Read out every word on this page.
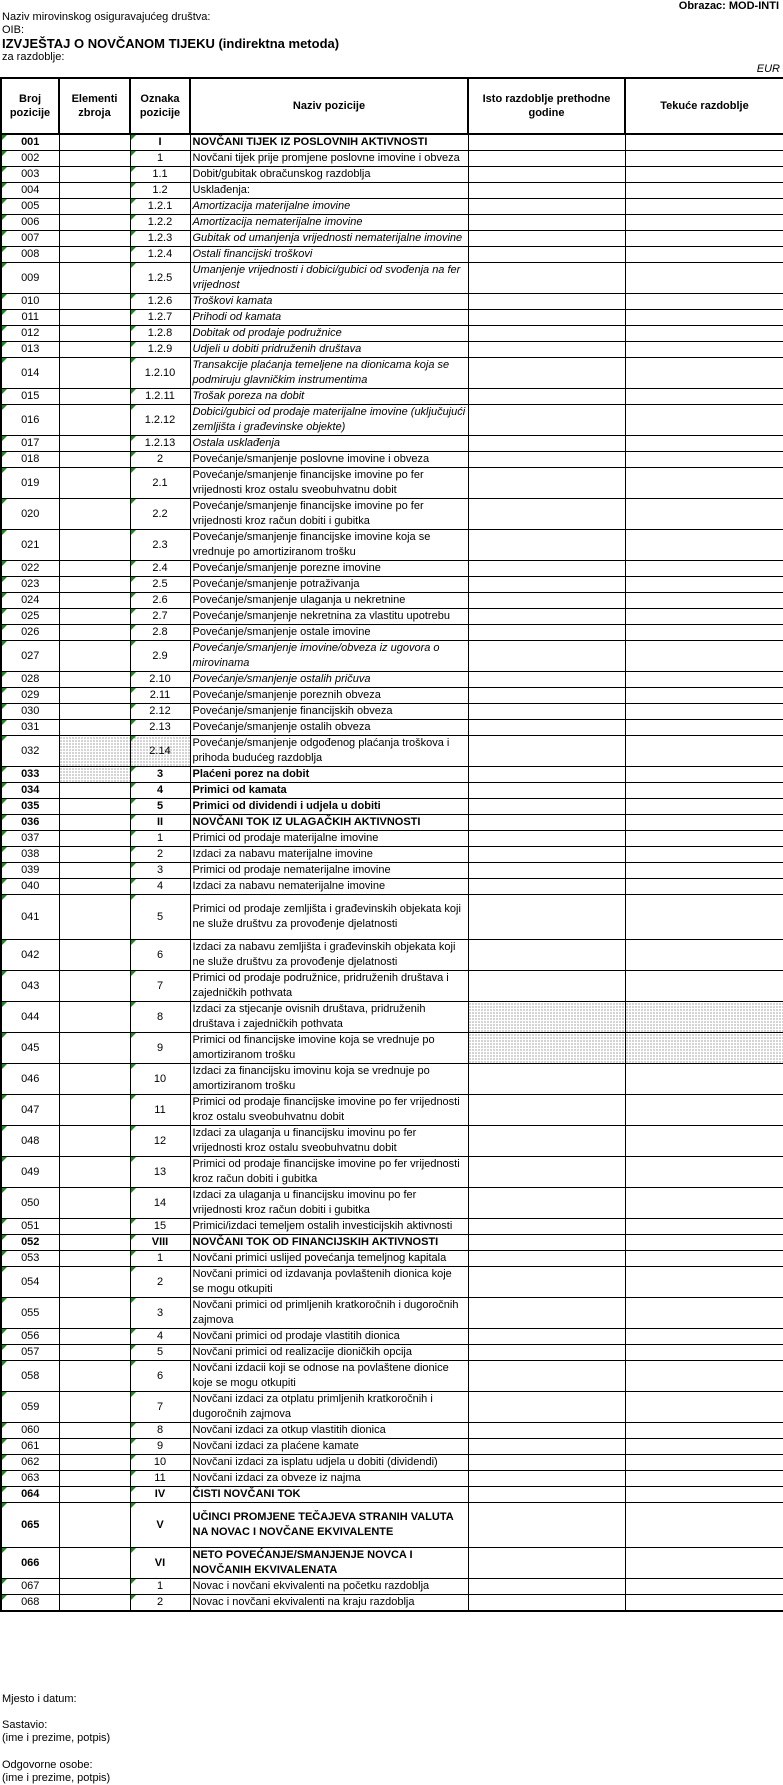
Obrazac: MOD-INTI
Naziv mirovinskog osiguravajućeg društva:
OIB:
IZVJEŠTAJ O NOVČANOM TIJEKU (indirektna metoda)
za razdoblje:
EUR
Broj pozicije	Elementi zbroja	Oznaka pozicije	Naziv pozicije	Isto razdoblje prethodne godine	Tekuće razdoblje
001		I	NOVČANI TIJEK IZ POSLOVNIH AKTIVNOSTI		
002		1	Novčani tijek prije promjene poslovne imovine i obveza		
003		1.1	Dobit/gubitak obračunskog razdoblja		
004		1.2	Usklađenja:		
005		1.2.1	Amortizacija materijalne imovine		
006		1.2.2	Amortizacija nematerijalne imovine		
007		1.2.3	Gubitak od umanjenja vrijednosti nematerijalne imovine		
008		1.2.4	Ostali financijski troškovi		
009		1.2.5	Umanjenje vrijednosti i dobici/gubici od svođenja na fer vrijednost		
010		1.2.6	Troškovi kamata		
011		1.2.7	Prihodi od kamata		
012		1.2.8	Dobitak od prodaje podružnice		
013		1.2.9	Udjeli u dobiti pridruženih društava		
014		1.2.10	Transakcije plaćanja temeljene na dionicama koja se podmiruju glavničkim instrumentima		
015		1.2.11	Trošak poreza na dobit		
016		1.2.12	Dobici/gubici od prodaje materijalne imovine (uključujući zemljišta i građevinske objekte)		
017		1.2.13	Ostala usklađenja		
018		2	Povećanje/smanjenje poslovne imovine i obveza		
019		2.1	Povećanje/smanjenje financijske imovine po fer vrijednosti kroz ostalu sveobuhvatnu dobit		
020		2.2	Povećanje/smanjenje financijske imovine po fer vrijednosti kroz račun dobiti i gubitka		
021		2.3	Povećanje/smanjenje financijske imovine koja se vrednuje po amortiziranom trošku		
022		2.4	Povećanje/smanjenje porezne imovine		
023		2.5	Povećanje/smanjenje potraživanja		
024		2.6	Povećanje/smanjenje ulaganja u nekretnine		
025		2.7	Povećanje/smanjenje nekretnina za vlastitu upotrebu		
026		2.8	Povećanje/smanjenje ostale imovine		
027		2.9	Povećanje/smanjenje imovine/obveza iz ugovora o mirovinama		
028		2.10	Povećanje/smanjenje ostalih pričuva		
029		2.11	Povećanje/smanjenje poreznih obveza		
030		2.12	Povećanje/smanjenje financijskih obveza		
031		2.13	Povećanje/smanjenje ostalih obveza		
032		2.14	Povećanje/smanjenje odgođenog plaćanja troškova i prihoda budućeg razdoblja		
033		3	Plaćeni porez na dobit		
034		4	Primici od kamata		
035		5	Primici od dividendi i udjela u dobiti		
036		II	NOVČANI TOK IZ ULAGAČKIH AKTIVNOSTI		
037		1	Primici od prodaje materijalne imovine		
038		2	Izdaci za nabavu materijalne imovine		
039		3	Primici od prodaje nematerijalne imovine		
040		4	Izdaci za nabavu nematerijalne imovine		
041		5	Primici od prodaje zemljišta i građevinskih objekata koji ne služe društvu za provođenje djelatnosti		
042		6	Izdaci za nabavu zemljišta i građevinskih objekata koji ne služe društvu za provođenje djelatnosti		
043		7	Primici od prodaje podružnice, pridruženih društava i zajedničkih pothvata		
044		8	Izdaci za stjecanje ovisnih društava, pridruženih društava i zajedničkih pothvata		
045		9	Primici od financijske imovine koja se vrednuje po amortiziranom trošku		
046		10	Izdaci za financijsku imovinu koja se vrednuje po amortiziranom trošku		
047		11	Primici od prodaje financijske imovine po fer vrijednosti kroz ostalu sveobuhvatnu dobit		
048		12	Izdaci za ulaganja u financijsku imovinu po fer vrijednosti kroz ostalu sveobuhvatnu dobit		
049		13	Primici od prodaje financijske imovine po fer vrijednosti kroz račun dobiti i gubitka		
050		14	Izdaci za ulaganja u financijsku imovinu po fer vrijednosti kroz račun dobiti i gubitka		
051		15	Primici/izdaci temeljem ostalih investicijskih aktivnosti		
052		VIII	NOVČANI TOK OD FINANCIJSKIH AKTIVNOSTI		
053		1	Novčani primici uslijed povećanja temeljnog kapitala		
054		2	Novčani primici od izdavanja povlaštenih dionica koje se mogu otkupiti		
055		3	Novčani primici od primljenih kratkoročnih i dugoročnih zajmova		
056		4	Novčani primici od prodaje vlastitih dionica		
057		5	Novčani primici od realizacije dioničkih opcija		
058		6	Novčani izdacii koji se odnose na povlaštene dionice koje se mogu otkupiti		
059		7	Novčani izdaci za otplatu primljenih kratkoročnih i dugoročnih zajmova		
060		8	Novčani izdaci za otkup vlastitih dionica		
061		9	Novčani izdaci za plaćene kamate		
062		10	Novčani izdaci za isplatu udjela u dobiti (dividendi)		
063		11	Novčani izdaci za obveze iz najma		
064		IV	ČISTI NOVČANI TOK		
065		V	UČINCI PROMJENE TEČAJEVA STRANIH VALUTA NA NOVAC I NOVČANE EKVIVALENTE		
066		VI	NETO POVEĆANJE/SMANJENJE NOVCA I NOVČANIH EKVIVALENATA		
067		1	Novac i novčani ekvivalenti na početku razdoblja		
068		2	Novac i novčani ekvivalenti na kraju razdoblja		
Mjesto i datum:
Sastavio:
(ime i prezime, potpis)
Odgovorne osobe:
(ime i prezime, potpis)
